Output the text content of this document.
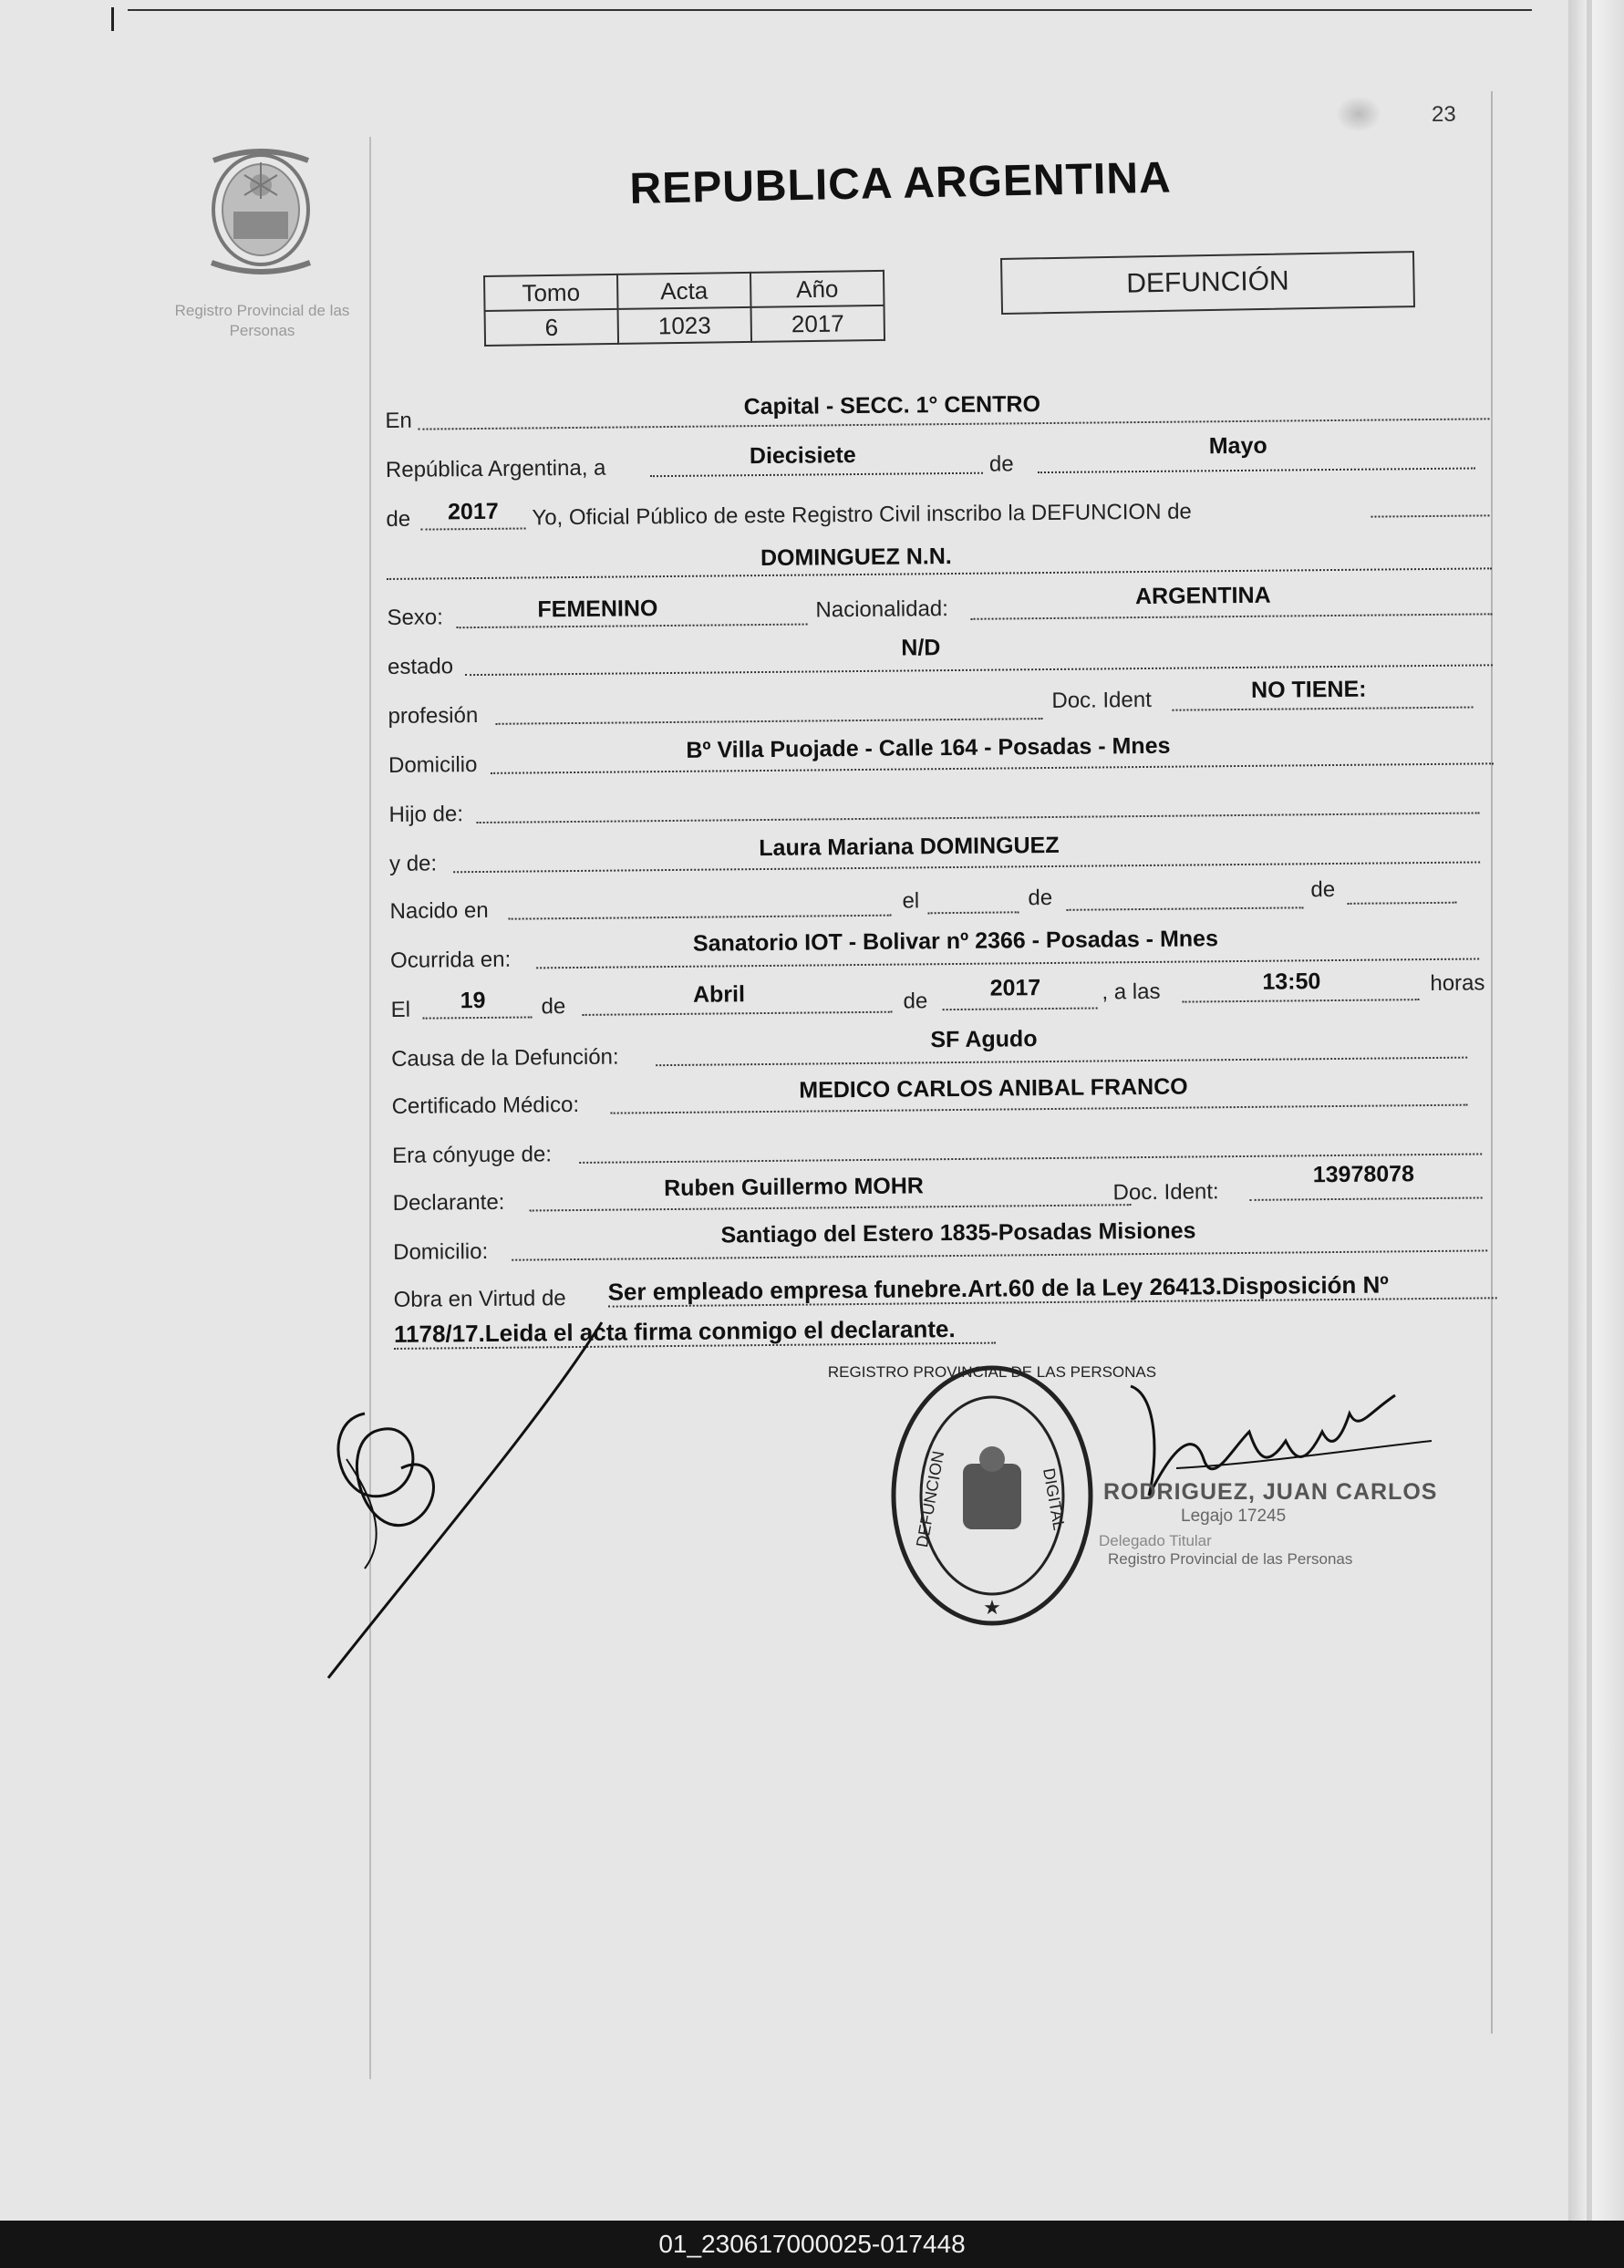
23
Registro Provincial de las Personas
REPUBLICA ARGENTINA
Tomo	Acta	Año
6	1023	2017
DEFUNCIÓN
En
Capital - SECC. 1° CENTRO
República Argentina, a
Diecisiete	de
Mayo
de	2017	Yo, Oficial Público de este Registro Civil inscribo la DEFUNCION de
DOMINGUEZ N.N.
Sexo:	FEMENINO	Nacionalidad:
ARGENTINA
estado
N/D
profesión
Doc. Ident	NO TIENE:
Domicilio
Bº Villa Puojade - Calle 164 - Posadas - Mnes
Hijo de:
y de:
Laura Mariana DOMINGUEZ
Nacido en	el	de	de
Ocurrida en:
Sanatorio IOT - Bolivar nº 2366 - Posadas - Mnes
El	19	de	Abril	de
2017	, a las	13:50	horas
Causa de la Defunción:
SF Agudo
Certificado Médico:
MEDICO CARLOS ANIBAL FRANCO
Era cónyuge de:
Declarante:
Ruben Guillermo MOHR	Doc. Ident:
13978078
Domicilio:
Santiago del Estero 1835-Posadas Misiones
Obra en Virtud de Ser empleado empresa funebre.Art.60 de la Ley 26413.Disposición Nº
1178/17.Leida el acta firma conmigo el declarante.
REGISTRO PROVINCIAL DE LAS PERSONAS
DEFUNCION	DIGITAL
★
RODRIGUEZ, JUAN CARLOS
Legajo 17245
Delegado Titular
Registro Provincial de las Personas
01_230617000025-017448
